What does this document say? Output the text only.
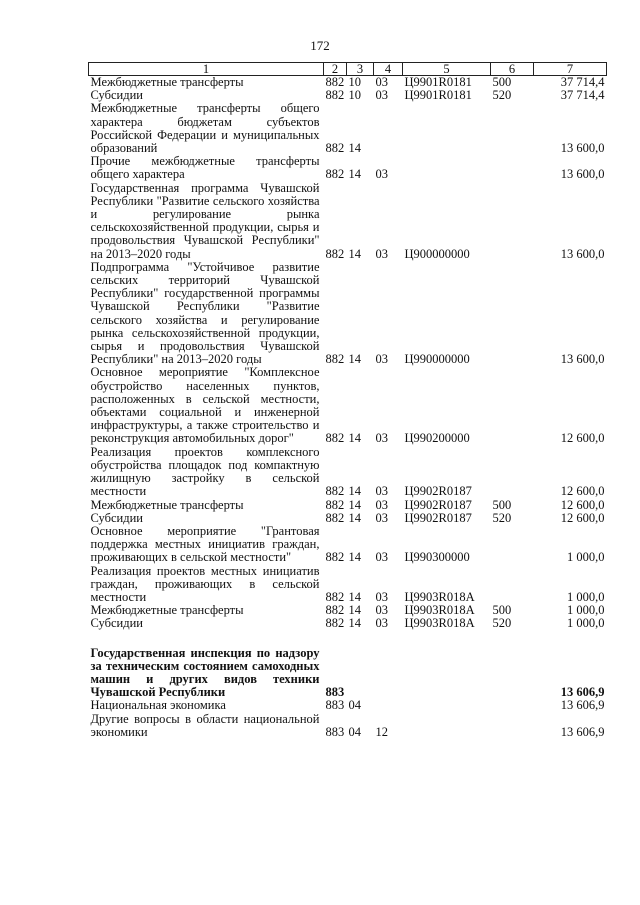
172
1	2	3	4	5	6	7
Межбюджетные трансферты	882	10	03	Ц9901R0181	500	37 714,4
Субсидии	882	10	03	Ц9901R0181	520	37 714,4
Межбюджетные трансферты общего характера бюджетам субъектов Российской Федерации и муниципальных образований	882	14				13 600,0
Прочие межбюджетные трансферты общего характера	882	14	03			13 600,0
Государственная программа Чувашской Республики "Развитие сельского хозяйства и регулирование рынка сельскохозяйственной продукции, сырья и продовольствия Чувашской Республики" на 2013–2020 годы	882	14	03	Ц900000000		13 600,0
Подпрограмма "Устойчивое развитие сельских территорий Чувашской Республики" государственной программы Чувашской Республики "Развитие сельского хозяйства и регулирование рынка сельскохозяйственной продукции, сырья и продовольствия Чувашской Республики" на 2013–2020 годы	882	14	03	Ц990000000		13 600,0
Основное мероприятие "Комплексное обустройство населенных пунктов, расположенных в сельской местности, объектами социальной и инженерной инфраструктуры, а также строительство и реконструкция автомобильных дорог"	882	14	03	Ц990200000		12 600,0
Реализация проектов комплексного обустройства площадок под компактную жилищную застройку в сельской местности	882	14	03	Ц9902R0187		12 600,0
Межбюджетные трансферты	882	14	03	Ц9902R0187	500	12 600,0
Субсидии	882	14	03	Ц9902R0187	520	12 600,0
Основное мероприятие "Грантовая поддержка местных инициатив граждан, проживающих в сельской местности"	882	14	03	Ц990300000		1 000,0
Реализация проектов местных инициатив граждан, проживающих в сельской местности	882	14	03	Ц9903R018A		1 000,0
Межбюджетные трансферты	882	14	03	Ц9903R018A	500	1 000,0
Субсидии	882	14	03	Ц9903R018A	520	1 000,0

Государственная инспекция по надзору за техническим состоянием самоходных машин и других видов техники Чувашской Республики	883					13 606,9
Национальная экономика	883	04				13 606,9
Другие вопросы в области национальной экономики	883	04	12			13 606,9
